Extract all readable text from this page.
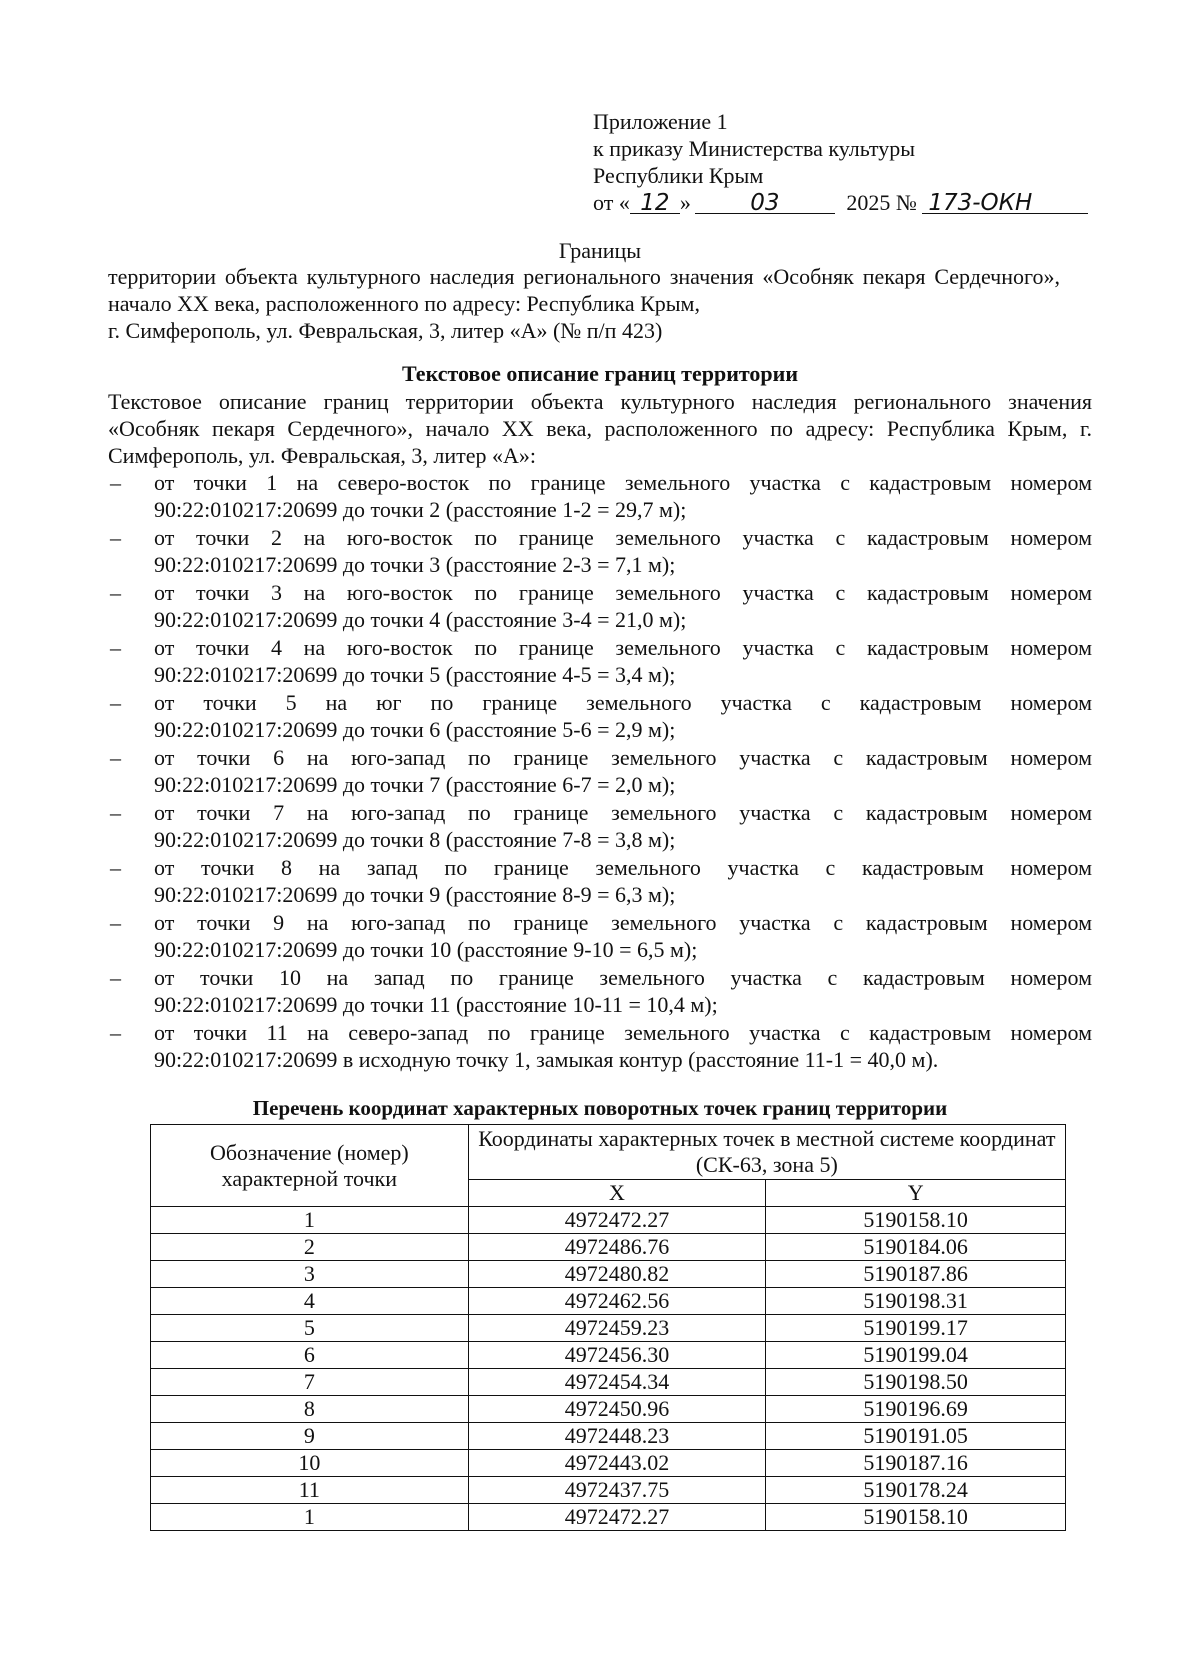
Приложение 1
к приказу Министерства культуры
Республики Крым
от « 12 »	03	2025 № 173-ОКН
Границы
территории объекта культурного наследия регионального значения «Особняк пекаря Сердечного», начало XX века, расположенного по адресу: Республика Крым,
г. Симферополь, ул. Февральская, 3, литер «А» (№ п/п 423)
Текстовое описание границ территории
Текстовое описание границ территории объекта культурного наследия регионального значения «Особняк пекаря Сердечного», начало XX века, расположенного по адресу: Республика Крым, г. Симферополь, ул. Февральская, 3, литер «А»:
– от точки 1 на северо-восток по границе земельного участка с кадастровым номером
90:22:010217:20699 до точки 2 (расстояние 1-2 = 29,7 м);
– от точки 2 на юго-восток по границе земельного участка с кадастровым номером
90:22:010217:20699 до точки 3 (расстояние 2-3 = 7,1 м);
– от точки 3 на юго-восток по границе земельного участка с кадастровым номером
90:22:010217:20699 до точки 4 (расстояние 3-4 = 21,0 м);
– от точки 4 на юго-восток по границе земельного участка с кадастровым номером
90:22:010217:20699 до точки 5 (расстояние 4-5 = 3,4 м);
– от точки 5 на юг по границе земельного участка с кадастровым номером
90:22:010217:20699 до точки 6 (расстояние 5-6 = 2,9 м);
– от точки 6 на юго-запад по границе земельного участка с кадастровым номером
90:22:010217:20699 до точки 7 (расстояние 6-7 = 2,0 м);
– от точки 7 на юго-запад по границе земельного участка с кадастровым номером
90:22:010217:20699 до точки 8 (расстояние 7-8 = 3,8 м);
– от точки 8 на запад по границе земельного участка с кадастровым номером
90:22:010217:20699 до точки 9 (расстояние 8-9 = 6,3 м);
– от точки 9 на юго-запад по границе земельного участка с кадастровым номером
90:22:010217:20699 до точки 10 (расстояние 9-10 = 6,5 м);
– от точки 10 на запад по границе земельного участка с кадастровым номером
90:22:010217:20699 до точки 11 (расстояние 10-11 = 10,4 м);
– от точки 11 на северо-запад по границе земельного участка с кадастровым номером
90:22:010217:20699 в исходную точку 1, замыкая контур (расстояние 11-1 = 40,0 м).
Перечень координат характерных поворотных точек границ территории
Обозначение (номер) характерной точки	Координаты характерных точек в местной системе координат (СК-63, зона 5)	
	X	Y
1	4972472.27	5190158.10
2	4972486.76	5190184.06
3	4972480.82	5190187.86
4	4972462.56	5190198.31
5	4972459.23	5190199.17
6	4972456.30	5190199.04
7	4972454.34	5190198.50
8	4972450.96	5190196.69
9	4972448.23	5190191.05
10	4972443.02	5190187.16
11	4972437.75	5190178.24
1	4972472.27	5190158.10
